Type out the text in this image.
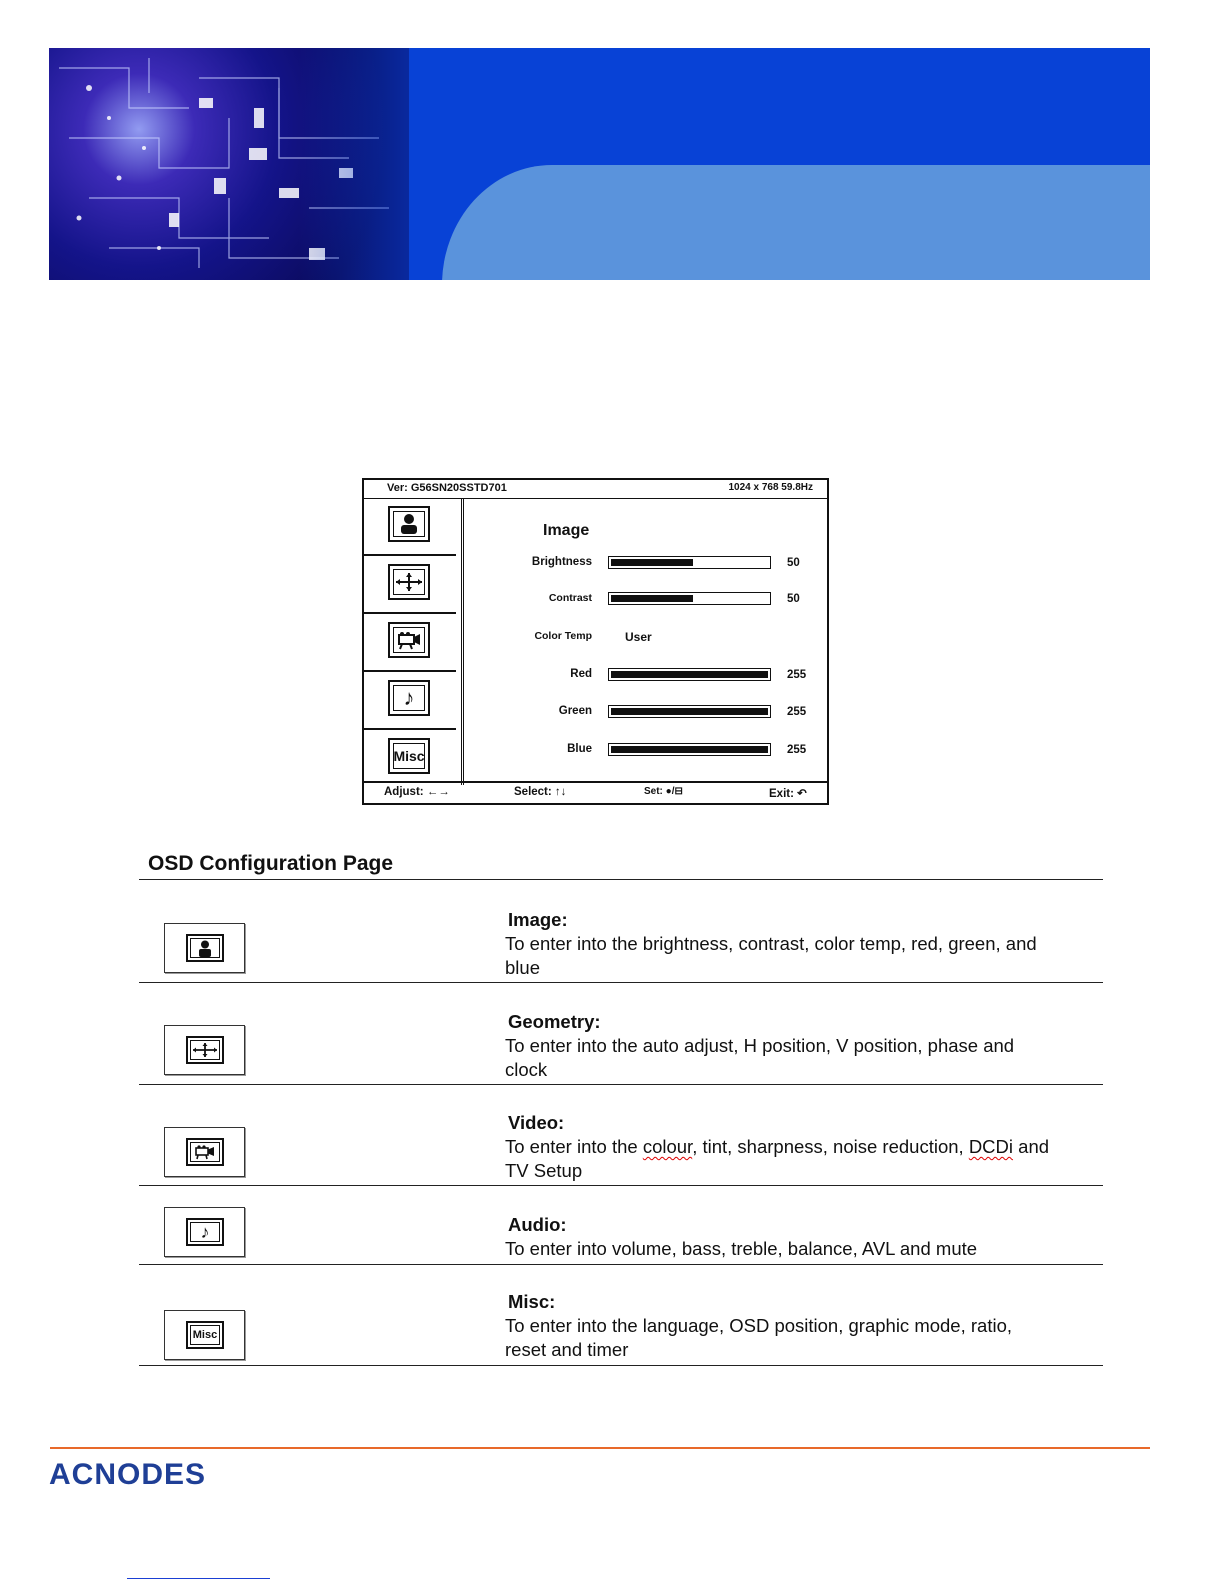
Ver: G56SN20SSTD701	1024 x 768 59.8Hz
♪
Misc
Image
Brightness	50
Contrast	50
Color Temp	User
Red	255
Green	255
Blue	255
Adjust: ←→	Select: ↑↓	Set: ●/⊟	Exit: ↶
OSD Configuration Page
Image:
To enter into the brightness, contrast, color temp, red, green, and
blue
Geometry:
To enter into the auto adjust, H position, V position, phase and
clock
Video:
To enter into the colour, tint, sharpness, noise reduction, DCDi and
TV Setup
♪	Audio:
To enter into volume, bass, treble, balance, AVL and mute
Misc
Misc:
To enter into the language, OSD position, graphic mode, ratio,
reset and timer
ACNODES
